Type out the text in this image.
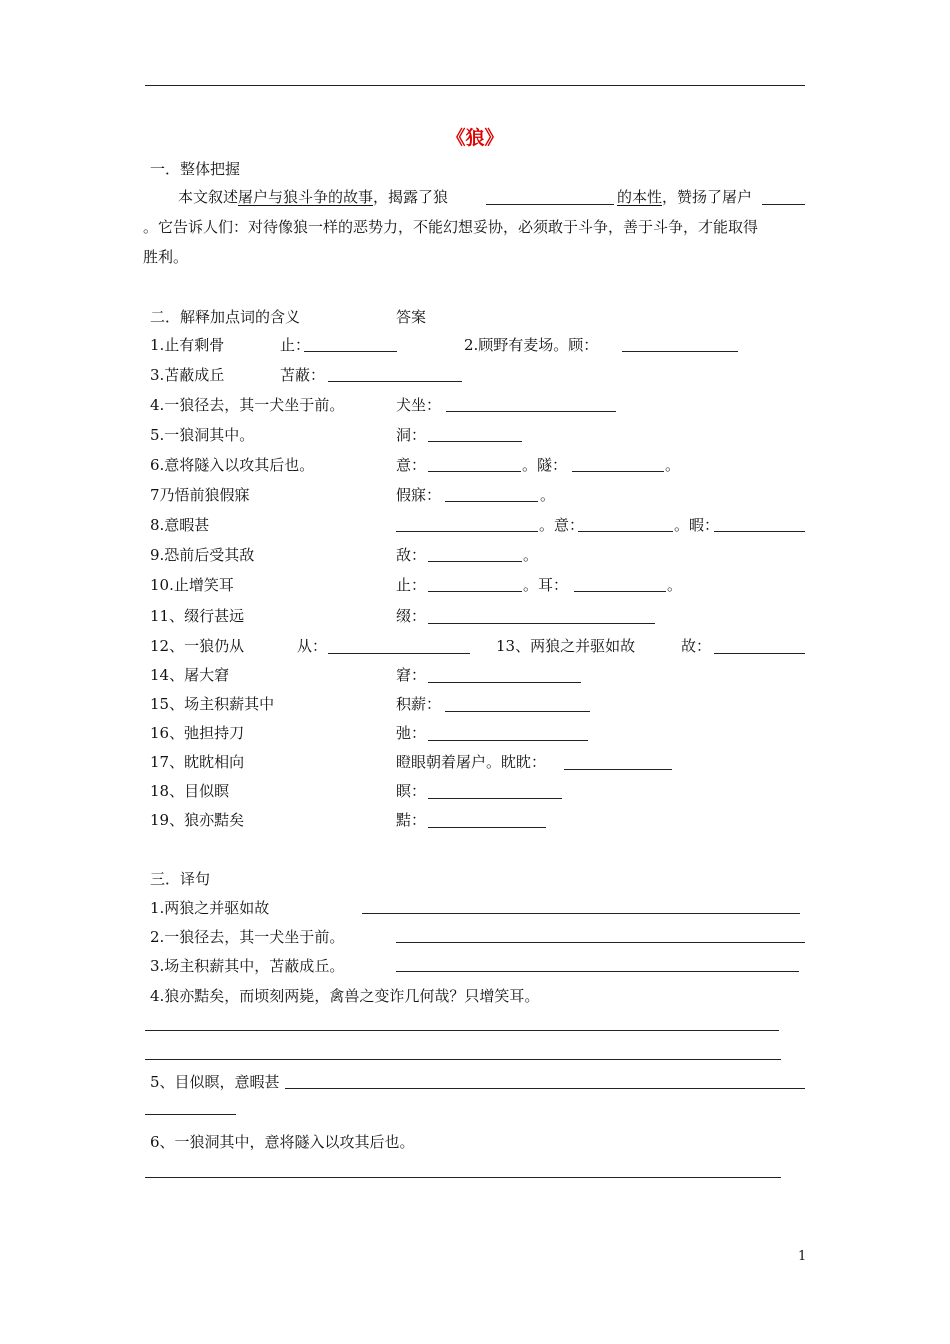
《狼》
一．整体把握
本文叙述屠户与狼斗争的故事，揭露了狼	的本性，赞扬了屠户
。它告诉人们：对待像狼一样的恶势力，不能幻想妥协，必须敢于斗争，善于斗争，才能取得
胜利。
二．解释加点词的含义	答案
1.止有剩骨	止：	2.顾野有麦场。顾：
3.苫蔽成丘	苫蔽：
4.一狼径去，其一犬坐于前。	犬坐：
5.一狼洞其中。	洞：
6.意将隧入以攻其后也。	意：	。隧：	。
7乃悟前狼假寐	假寐：	。
8.意暇甚	。意：	。暇：
9.恐前后受其敌	敌：	。
10.止增笑耳	止：	。耳：	。
11、缀行甚远	缀：
12、一狼仍从	从：	13、两狼之并驱如故	故：
14、屠大窘	窘：
15、场主积薪其中	积薪：
16、弛担持刀	弛：
17、眈眈相向	瞪眼朝着屠户。眈眈：
18、目似瞑	瞑：
19、狼亦黠矣	黠：
三．译句
1.两狼之并驱如故
2.一狼径去，其一犬坐于前。
3.场主积薪其中，苫蔽成丘。
4.狼亦黠矣，而顷刻两毙，禽兽之变诈几何哉？只增笑耳。
5、目似瞑，意暇甚
6、一狼洞其中，意将隧入以攻其后也。
1
